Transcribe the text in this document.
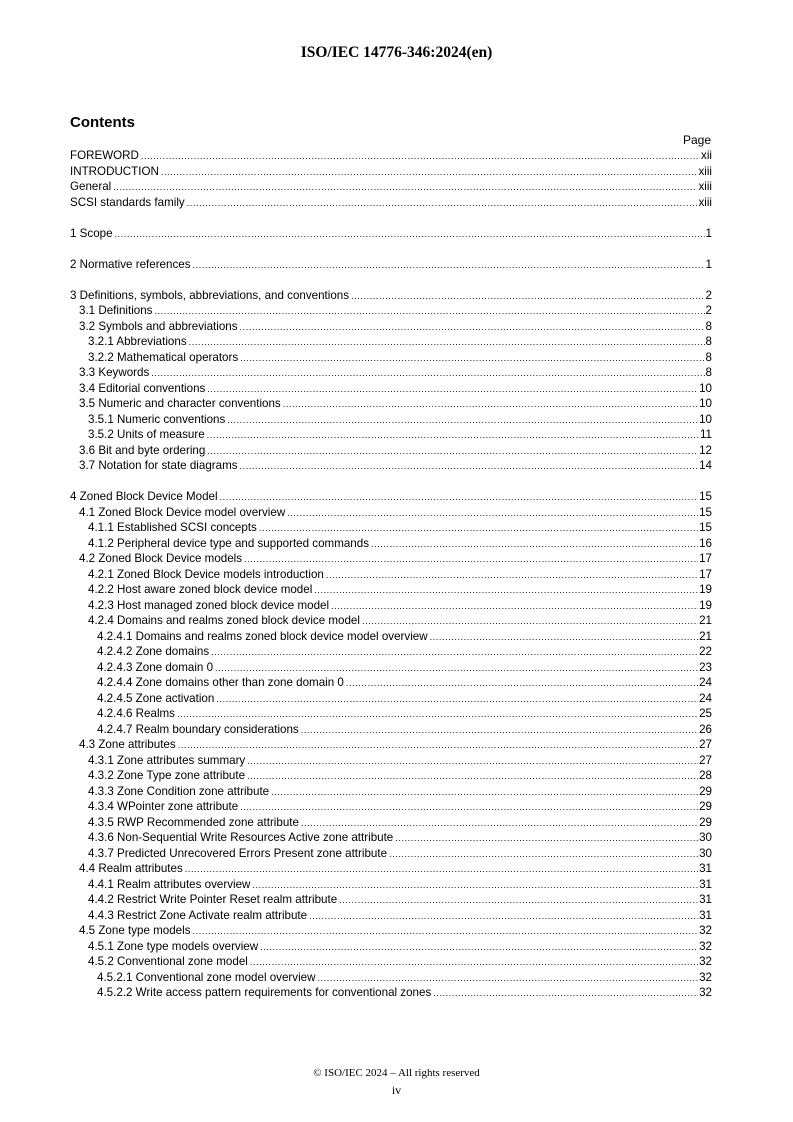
ISO/IEC 14776-346:2024(en)
Contents
Page
FOREWORD .....	xii
INTRODUCTION .....	xiii
General .....	xiii
SCSI standards family .....	xiii
1 Scope .....	1
2 Normative references .....	1
3 Definitions, symbols, abbreviations, and conventions .....	2
3.1 Definitions .....	2
3.2 Symbols and abbreviations .....	8
3.2.1 Abbreviations .....	8
3.2.2 Mathematical operators .....	8
3.3 Keywords .....	8
3.4 Editorial conventions .....	10
3.5 Numeric and character conventions .....	10
3.5.1 Numeric conventions .....	10
3.5.2 Units of measure .....	11
3.6 Bit and byte ordering .....	12
3.7 Notation for state diagrams .....	14
4 Zoned Block Device Model .....	15
4.1 Zoned Block Device model overview .....	15
4.1.1 Established SCSI concepts .....	15
4.1.2 Peripheral device type and supported commands .....	16
4.2 Zoned Block Device models .....	17
4.2.1 Zoned Block Device models introduction .....	17
4.2.2 Host aware zoned block device model .....	19
4.2.3 Host managed zoned block device model .....	19
4.2.4 Domains and realms zoned block device model .....	21
4.2.4.1 Domains and realms zoned block device model overview .....	21
4.2.4.2 Zone domains .....	22
4.2.4.3 Zone domain 0 .....	23
4.2.4.4 Zone domains other than zone domain 0 .....	24
4.2.4.5 Zone activation .....	24
4.2.4.6 Realms .....	25
4.2.4.7 Realm boundary considerations .....	26
4.3 Zone attributes .....	27
4.3.1 Zone attributes summary .....	27
4.3.2 Zone Type zone attribute .....	28
4.3.3 Zone Condition zone attribute .....	29
4.3.4 WPointer zone attribute .....	29
4.3.5 RWP Recommended zone attribute .....	29
4.3.6 Non-Sequential Write Resources Active zone attribute .....	30
4.3.7 Predicted Unrecovered Errors Present zone attribute .....	30
4.4 Realm attributes .....	31
4.4.1 Realm attributes overview .....	31
4.4.2 Restrict Write Pointer Reset realm attribute .....	31
4.4.3 Restrict Zone Activate realm attribute .....	31
4.5 Zone type models .....	32
4.5.1 Zone type models overview .....	32
4.5.2 Conventional zone model .....	32
4.5.2.1 Conventional zone model overview .....	32
4.5.2.2 Write access pattern requirements for conventional zones .....	32
© ISO/IEC 2024 – All rights reserved
iv
